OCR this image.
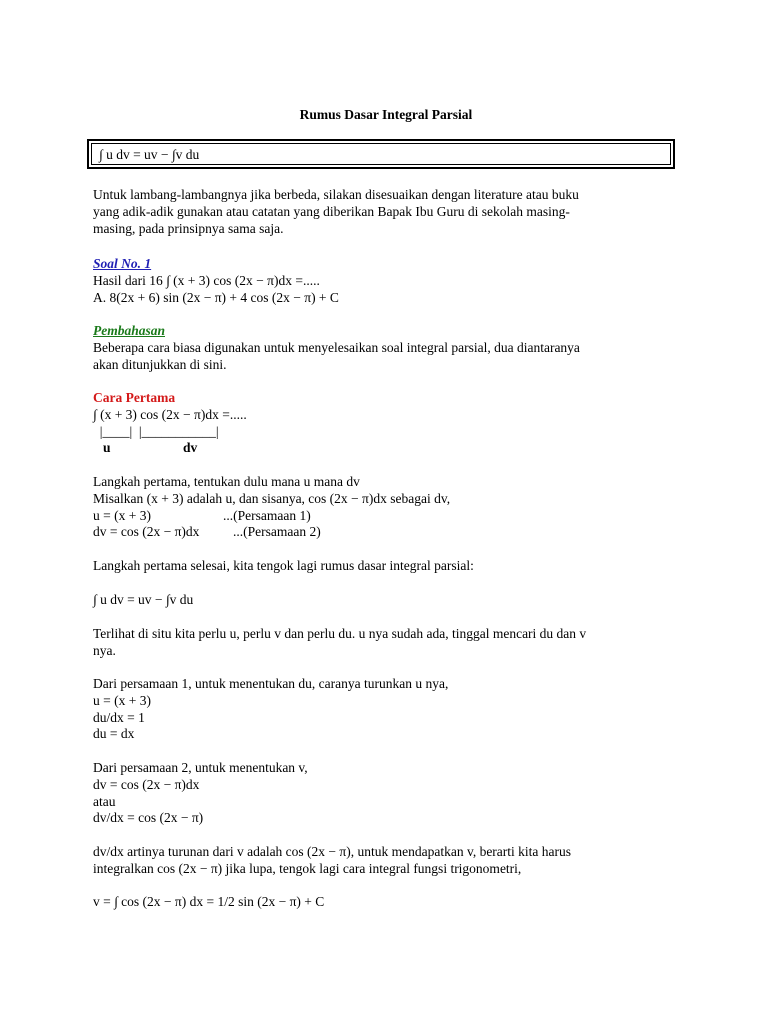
Rumus Dasar Integral Parsial
∫ u dv = uv − ∫v du
Untuk lambang-lambangnya jika berbeda, silakan disesuaikan dengan literature atau buku
yang adik-adik gunakan atau catatan yang diberikan Bapak Ibu Guru di sekolah masing-
masing, pada prinsipnya sama saja.
Soal No. 1
Hasil dari 16 ∫ (x + 3) cos (2x − π)dx =.....
A. 8(2x + 6) sin (2x − π) + 4 cos (2x − π) + C
Pembahasan
Beberapa cara biasa digunakan untuk menyelesaikan soal integral parsial, dua diantaranya
akan ditunjukkan di sini.
Cara Pertama
∫ (x + 3) cos (2x − π)dx =.....
|____|  |___________|
u	dv
Langkah pertama, tentukan dulu mana u mana dv
Misalkan (x + 3) adalah u, dan sisanya, cos (2x − π)dx sebagai dv,
u = (x + 3)	...(Persamaan 1)
dv = cos (2x − π)dx ...(Persamaan 2)
Langkah pertama selesai, kita tengok lagi rumus dasar integral parsial:
∫ u dv = uv − ∫v du
Terlihat di situ kita perlu u, perlu v dan perlu du. u nya sudah ada, tinggal mencari du dan v
nya.
Dari persamaan 1, untuk menentukan du, caranya turunkan u nya,
u = (x + 3)
du/dx = 1
du = dx
Dari persamaan 2, untuk menentukan v,
dv = cos (2x − π)dx
atau
dv/dx = cos (2x − π)
dv/dx artinya turunan dari v adalah cos (2x − π), untuk mendapatkan v, berarti kita harus
integralkan cos (2x − π) jika lupa, tengok lagi cara integral fungsi trigonometri,
v = ∫ cos (2x − π) dx = 1/2 sin (2x − π) + C
